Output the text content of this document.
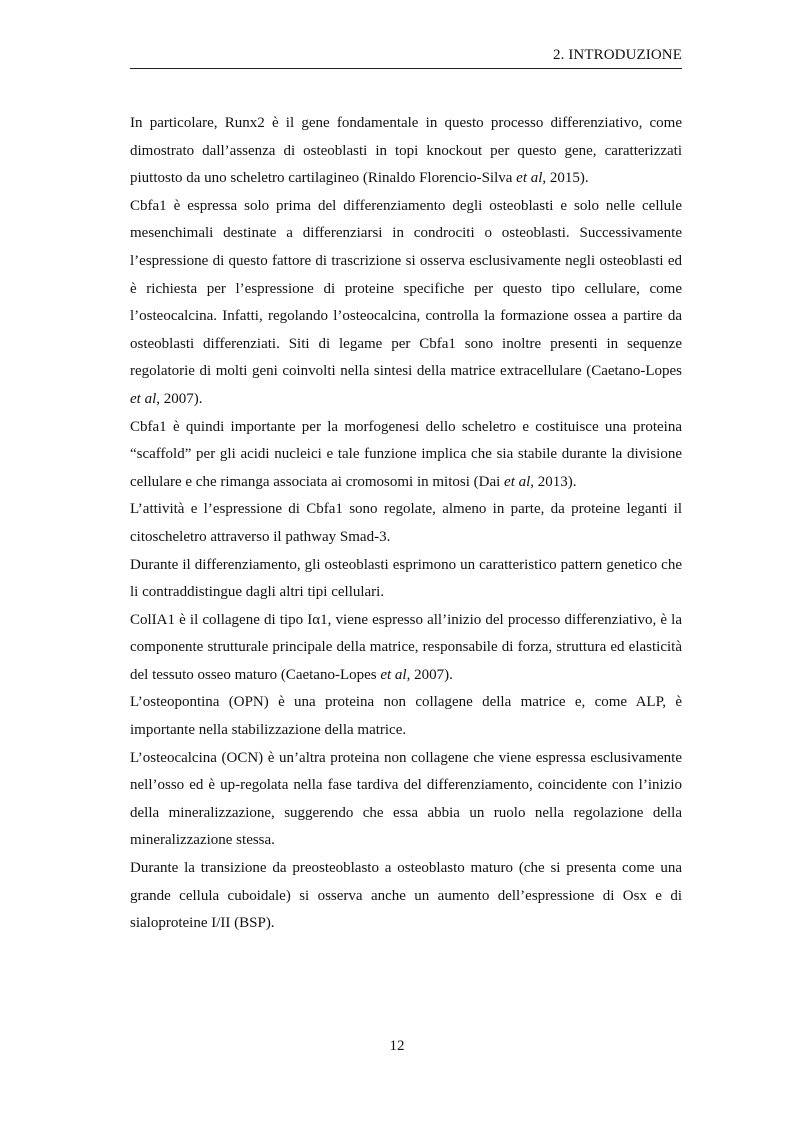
2. INTRODUZIONE

In particolare, Runx2 è il gene fondamentale in questo processo differenziativo, come dimostrato dall’assenza di osteoblasti in topi knockout per questo gene, caratterizzati piuttosto da uno scheletro cartilagineo (Rinaldo Florencio-Silva et al, 2015).

Cbfa1 è espressa solo prima del differenziamento degli osteoblasti e solo nelle cellule mesenchimali destinate a differenziarsi in condrociti o osteoblasti. Successivamente l’espressione di questo fattore di trascrizione si osserva esclusivamente negli osteoblasti ed è richiesta per l’espressione di proteine specifiche per questo tipo cellulare, come l’osteocalcina. Infatti, regolando l’osteocalcina, controlla la formazione ossea a partire da osteoblasti differenziati. Siti di legame per Cbfa1 sono inoltre presenti in sequenze regolatorie di molti geni coinvolti nella sintesi della matrice extracellulare (Caetano-Lopes et al, 2007).

Cbfa1 è quindi importante per la morfogenesi dello scheletro e costituisce una proteina “scaffold” per gli acidi nucleici e tale funzione implica che sia stabile durante la divisione cellulare e che rimanga associata ai cromosomi in mitosi (Dai et al, 2013).

L’attività e l’espressione di Cbfa1 sono regolate, almeno in parte, da proteine leganti il citoscheletro attraverso il pathway Smad-3.

Durante il differenziamento, gli osteoblasti esprimono un caratteristico pattern genetico che li contraddistingue dagli altri tipi cellulari.

ColIA1 è il collagene di tipo Iα1, viene espresso all’inizio del processo differenziativo, è la componente strutturale principale della matrice, responsabile di forza, struttura ed elasticità del tessuto osseo maturo (Caetano-Lopes et al, 2007).

L’osteopontina (OPN) è una proteina non collagene della matrice e, come ALP, è importante nella stabilizzazione della matrice.

L’osteocalcina (OCN) è un’altra proteina non collagene che viene espressa esclusivamente nell’osso ed è up-regolata nella fase tardiva del differenziamento, coincidente con l’inizio della mineralizzazione, suggerendo che essa abbia un ruolo nella regolazione della mineralizzazione stessa.

Durante la transizione da preosteoblasto a osteoblasto maturo (che si presenta come una grande cellula cuboidale) si osserva anche un aumento dell’espressione di Osx e di sialoproteine I/II (BSP).

12
